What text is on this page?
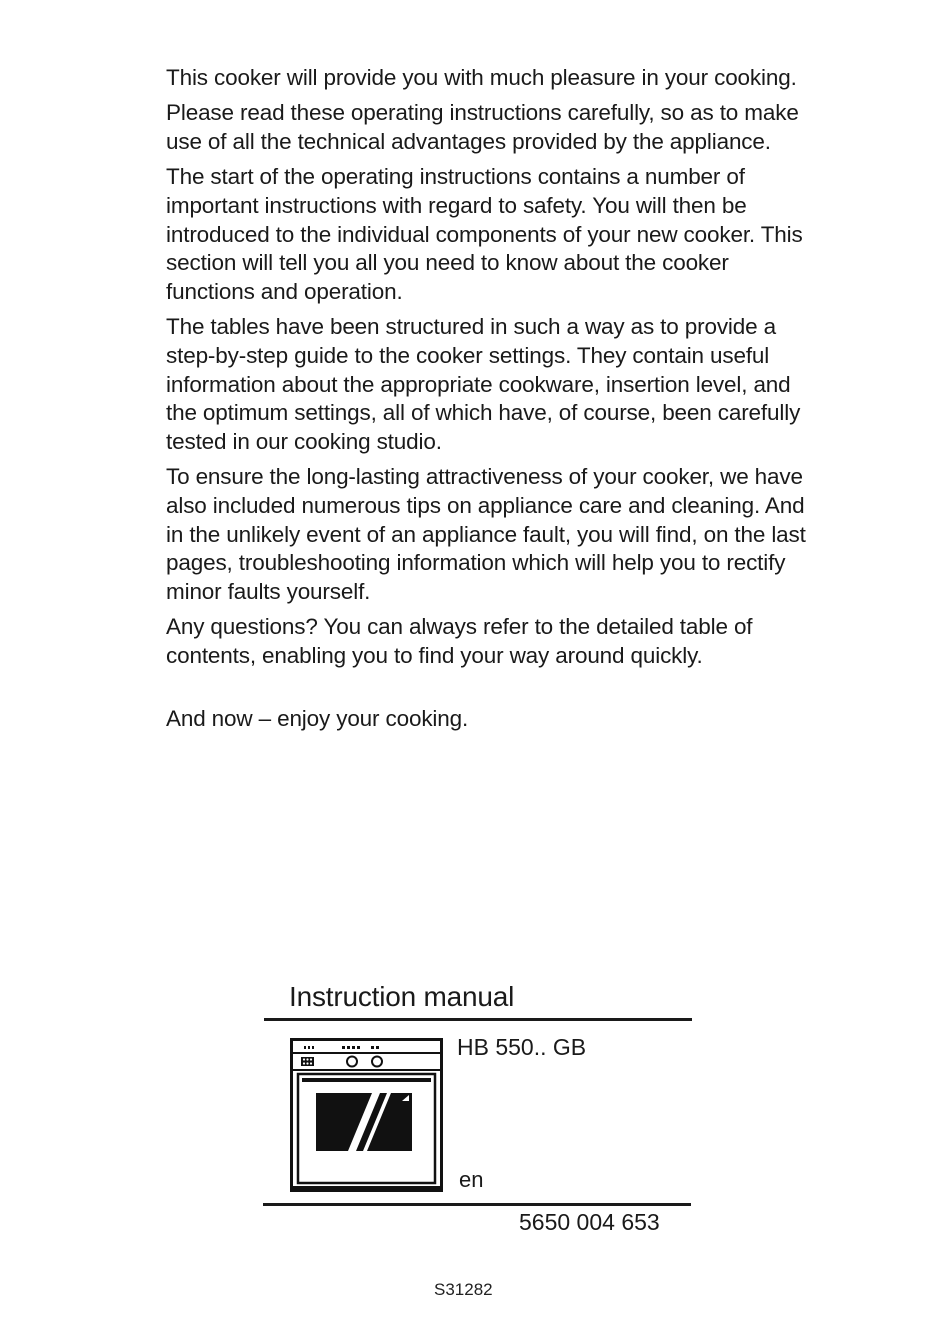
This cooker will provide you with much pleasure in your cooking.

Please read these operating instructions carefully, so as to make use of all the technical advantages provided by the appliance.

The start of the operating instructions contains a number of important instructions with regard to safety. You will then be introduced to the individual components of your new cooker. This section will tell you all you need to know about the cooker functions and operation.

The tables have been structured in such a way as to provide a step-by-step guide to the cooker settings. They contain useful information about the appropriate cookware, insertion level, and the optimum settings, all of which have, of course, been carefully tested in our cooking studio.

To ensure the long-lasting attractiveness of your cooker, we have also included numerous tips on appliance care and cleaning. And in the unlikely event of an appliance fault, you will find, on the last pages, troubleshooting information which will help you to rectify minor faults yourself.

Any questions? You can always refer to the detailed table of contents, enabling you to find your way around quickly.

And now – enjoy your cooking.

Instruction manual
HB 550.. GB
en
5650 004 653
S31282
